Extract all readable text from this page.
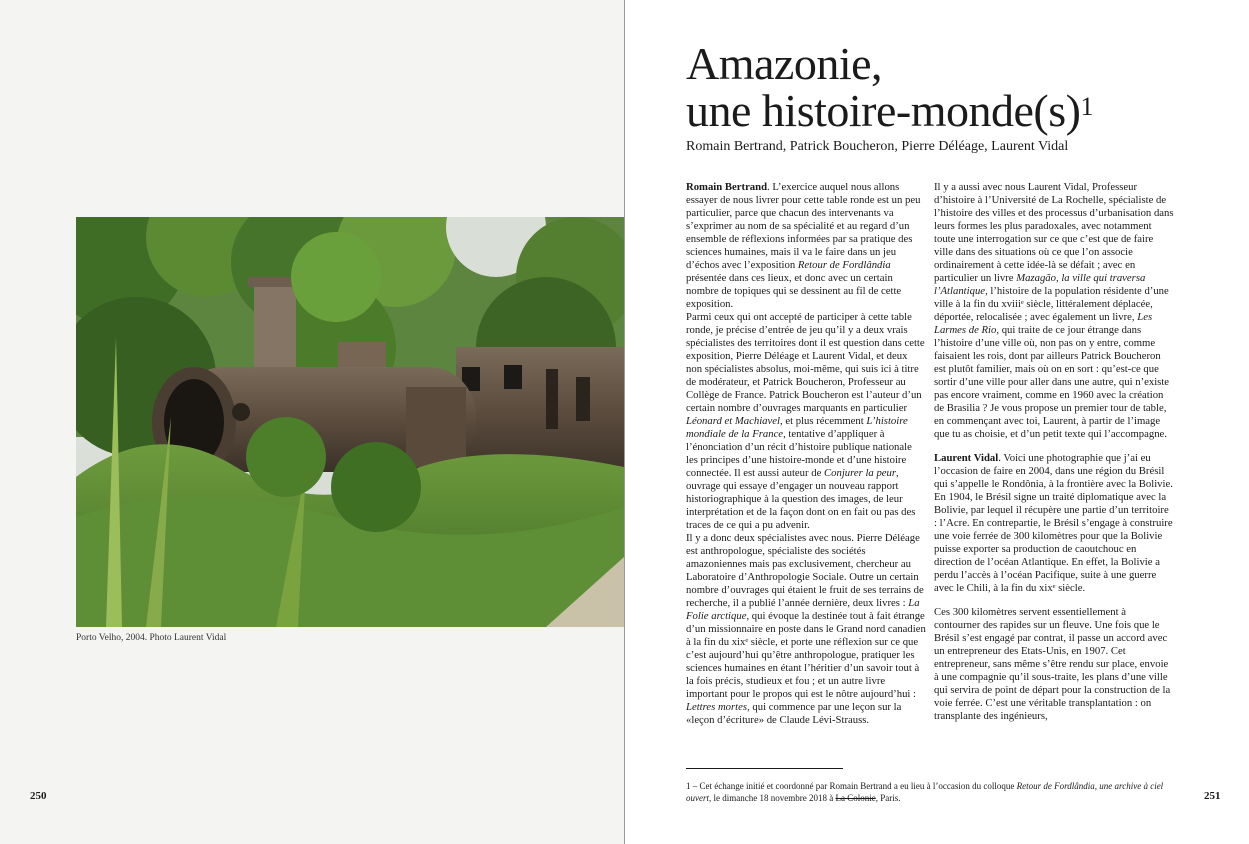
Porto Velho, 2004. Photo Laurent Vidal
250
Amazonie,
une histoire-$monde(s)^1$
Romain Bertrand, Patrick Boucheron, Pierre Déléage, Laurent Vidal

Romain Bertrand. L’exercice auquel nous allons essayer de nous livrer pour cette table ronde est un peu particulier, parce que chacun des intervenants va s’exprimer au nom de sa spécialité et au regard d’un ensemble de réflexions informées par sa pratique des sciences humaines, mais il va le faire dans un jeu d’échos avec l’exposition Retour de Fordlândia présentée dans ces lieux, et donc avec un certain nombre de topiques qui se dessinent au fil de cette exposition.
Parmi ceux qui ont accepté de participer à cette table ronde, je précise d’entrée de jeu qu’il y a deux vrais spécialistes des territoires dont il est question dans cette exposition, Pierre Déléage et Laurent Vidal, et deux non spécialistes absolus, moi-même, qui suis ici à titre de modérateur, et Patrick Boucheron, Professeur au Collège de France. Patrick Boucheron est l’auteur d’un certain nombre d’ouvrages marquants en particulier Léonard et Machiavel, et plus récemment L’histoire mondiale de la France, tentative d’appliquer à l’énonciation d’un récit d’histoire publique nationale les principes d’une histoire-monde et d’une histoire connectée. Il est aussi auteur de Conjurer la peur, ouvrage qui essaye d’engager un nouveau rapport historiographique à la question des images, de leur interprétation et de la façon dont on en fait ou pas des traces de ce qui a pu advenir.
Il y a donc deux spécialistes avec nous. Pierre Déléage est anthropologue, spécialiste des sociétés amazoniennes mais pas exclusivement, chercheur au Laboratoire d’Anthropologie Sociale. Outre un certain nombre d’ouvrages qui étaient le fruit de ses terrains de recherche, il a publié l’année dernière, deux livres : La Folie arctique, qui évoque la destinée tout à fait étrange d’un missionnaire en poste dans le Grand nord canadien à la fin du xixᵉ siècle, et porte une réflexion sur ce que c’est aujourd’hui qu’être anthropologue, pratiquer les sciences humaines en étant l’héritier d’un savoir tout à la fois précis, studieux et fou ; et un autre livre important pour le propos qui est le nôtre aujourd’hui : Lettres mortes, qui commence par une leçon sur la «leçon d’écriture» de Claude Lévi-Strauss.

Il y a aussi avec nous Laurent Vidal, Professeur d’histoire à l’Université de La Rochelle, spécialiste de l’histoire des villes et des processus d’urbanisation dans leurs formes les plus paradoxales, avec notamment toute une interrogation sur ce que c’est que de faire ville dans des situations où ce que l’on associe ordinairement à cette idée-là se défait ; avec en particulier un livre Mazagão, la ville qui traversa l’Atlantique, l’histoire de la population résidente d’une ville à la fin du xviiiᵉ siècle, littéralement déplacée, déportée, relocalisée ; avec également un livre, Les Larmes de Rio, qui traite de ce jour étrange dans l’histoire d’une ville où, non pas on y entre, comme faisaient les rois, dont par ailleurs Patrick Boucheron est plutôt familier, mais où on en sort : qu’est-ce que sortir d’une ville pour aller dans une autre, qui n’existe pas encore vraiment, comme en 1960 avec la création de Brasilia ? Je vous propose un premier tour de table, en commençant avec toi, Laurent, à partir de l’image que tu as choisie, et d’un petit texte qui l’accompagne.

Laurent Vidal. Voici une photographie que j’ai eu l’occasion de faire en 2004, dans une région du Brésil qui s’appelle le Rondônia, à la frontière avec la Bolivie. En 1904, le Brésil signe un traité diplomatique avec la Bolivie, par lequel il récupère une partie d’un territoire : l’Acre. En contrepartie, le Brésil s’engage à construire une voie ferrée de 300 kilomètres pour que la Bolivie puisse exporter sa production de caoutchouc en direction de l’océan Atlantique. En effet, la Bolivie a perdu l’accès à l’océan Pacifique, suite à une guerre avec le Chili, à la fin du xixᵉ siècle.

Ces 300 kilomètres servent essentiellement à contourner des rapides sur un fleuve. Une fois que le Brésil s’est engagé par contrat, il passe un accord avec un entrepreneur des Etats-Unis, en 1907. Cet entrepreneur, sans même s’être rendu sur place, envoie à une compagnie qu’il sous-traite, les plans d’une ville qui servira de point de départ pour la construction de la voie ferrée. C’est une véritable transplantation : on transplante des ingénieurs,

1 – Cet échange initié et coordonné par Romain Bertrand a eu lieu à l’occasion du colloque Retour de Fordlândia, une archive à ciel ouvert, le dimanche 18 novembre 2018 à La Colonie, Paris.	251
